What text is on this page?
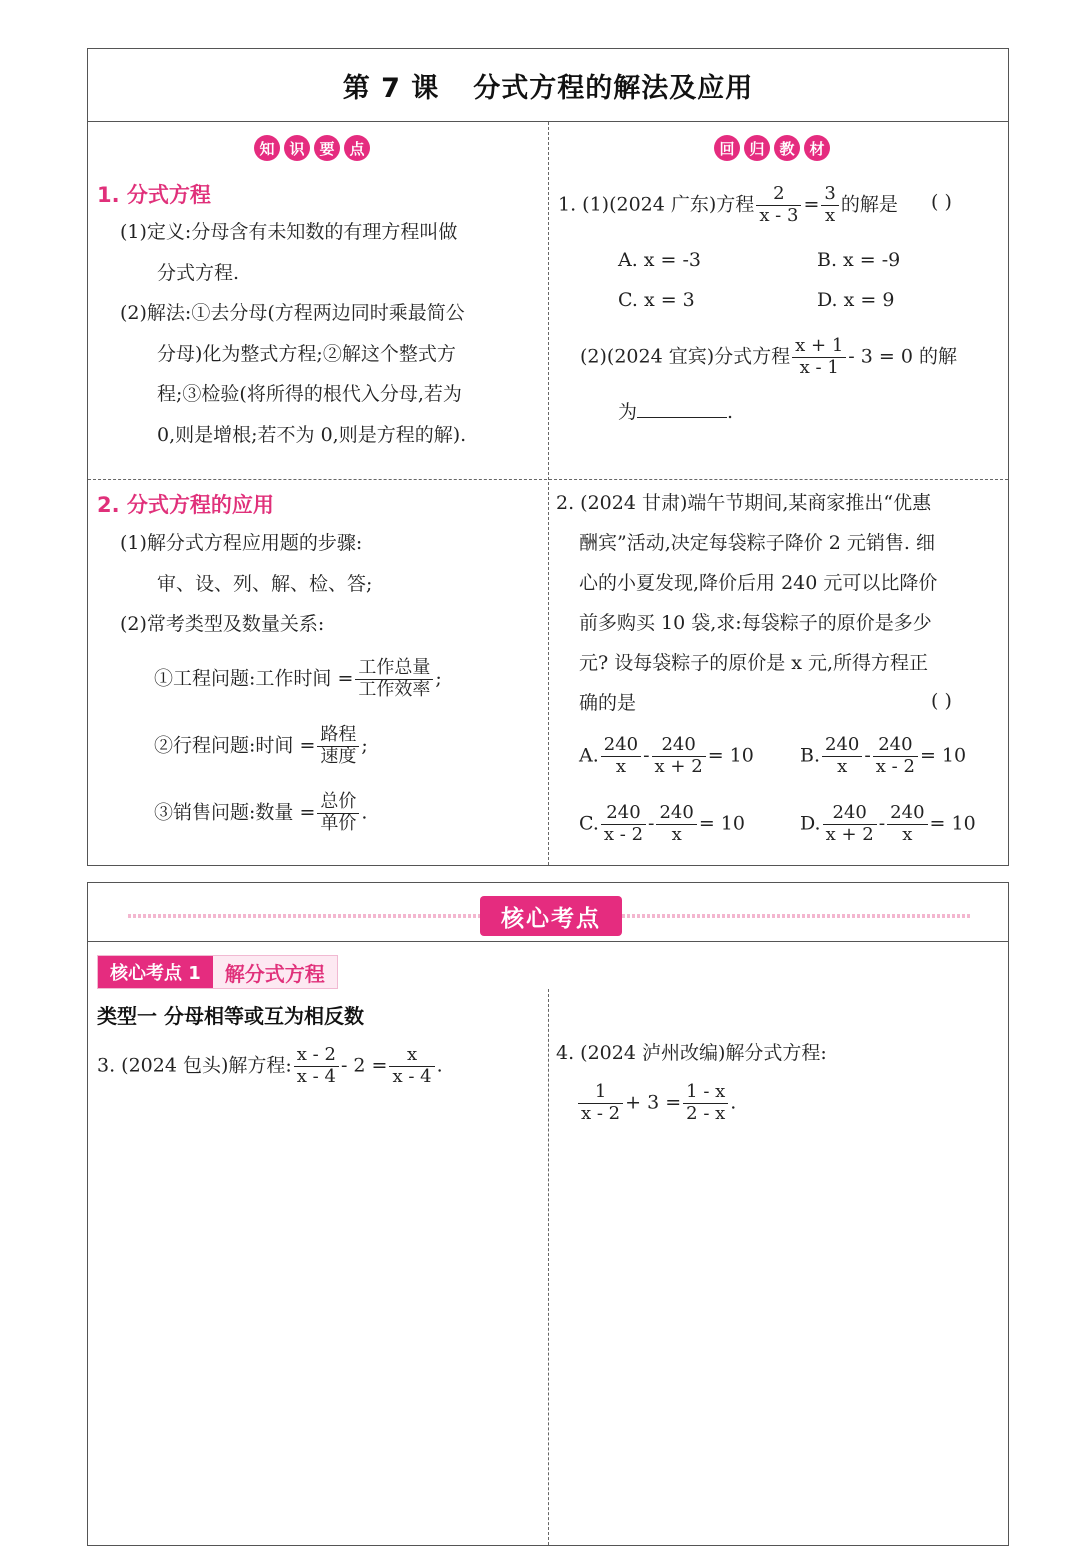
第 7 课 分式方程的解法及应用
知 识 要 点	回 归 教 材
1. 分式方程
(1)定义:分母含有未知数的有理方程叫做
分式方程.
(2)解法:①去分母(方程两边同时乘最简公
分母)化为整式方程;②解这个整式方
程;③检验(将所得的根代入分母,若为
0,则是增根;若不为 0,则是方程的解).
2. 分式方程的应用
(1)解分式方程应用题的步骤:
审、设、列、解、检、答;
(2)常考类型及数量关系:
①工程问题:工作时间 = $\frac{\text{工作总量}}{\text{工作效率}}$ ;
②行程问题:时间 = $\frac{\text{路程}}{\text{速度}}$ ;
③销售问题:数量 = $\frac{\text{总价}}{\text{单价}}$ .
1. (1)(2024 广东)方程 $\frac{2}{x - 3} = \frac{3}{x}$ 的解是 ( )
A. x = -3	B. x = -9
C. x = 3	D. x = 9
(2)(2024 宜宾)分式方程 $\frac{x + 1}{x - 1} - 3 = 0$ 的解
为	.
2. (2024 甘肃)端午节期间,某商家推出“优惠
酬宾”活动,决定每袋粽子降价 2 元销售. 细
心的小夏发现,降价后用 240 元可以比降价
前多购买 10 袋,求:每袋粽子的原价是多少
元? 设每袋粽子的原价是 x 元,所得方程正
确的是	( )
A. $\frac{240}{x} - \frac{240}{x + 2} = 10$ B. $\frac{240}{x} - \frac{240}{x - 2} = 10$
C. $\frac{240}{x - 2} - \frac{240}{x} = 10$	D. $\frac{240}{x + 2} - \frac{240}{x} = 10$
核心考点
核心考点 1	解分式方程
类型一 分母相等或互为相反数
3. (2024 包头)解方程: $\frac{x - 2}{x - 4} - 2 = \frac{x}{x - 4}$ .
4. (2024 泸州改编)解分式方程:
$\frac{1}{x - 2} + 3 = \frac{1 - x}{2 - x}$ .
